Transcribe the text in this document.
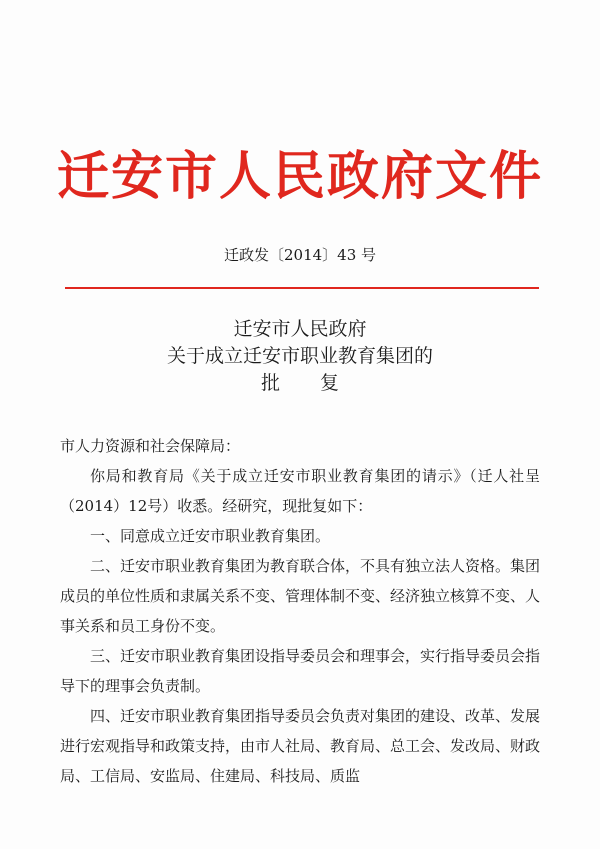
迁安市人民政府文件
迁政发〔2014〕43 号
迁安市人民政府
关于成立迁安市职业教育集团的
批复
市人力资源和社会保障局：
你局和教育局《关于成立迁安市职业教育集团的请示》（迁人社呈（2014）12号）收悉。经研究，现批复如下：
一、同意成立迁安市职业教育集团。
二、迁安市职业教育集团为教育联合体，不具有独立法人资格。集团成员的单位性质和隶属关系不变、管理体制不变、经济独立核算不变、人事关系和员工身份不变。
三、迁安市职业教育集团设指导委员会和理事会，实行指导委员会指导下的理事会负责制。
四、迁安市职业教育集团指导委员会负责对集团的建设、改革、发展进行宏观指导和政策支持，由市人社局、教育局、总工会、发改局、财政局、工信局、安监局、住建局、科技局、质监
